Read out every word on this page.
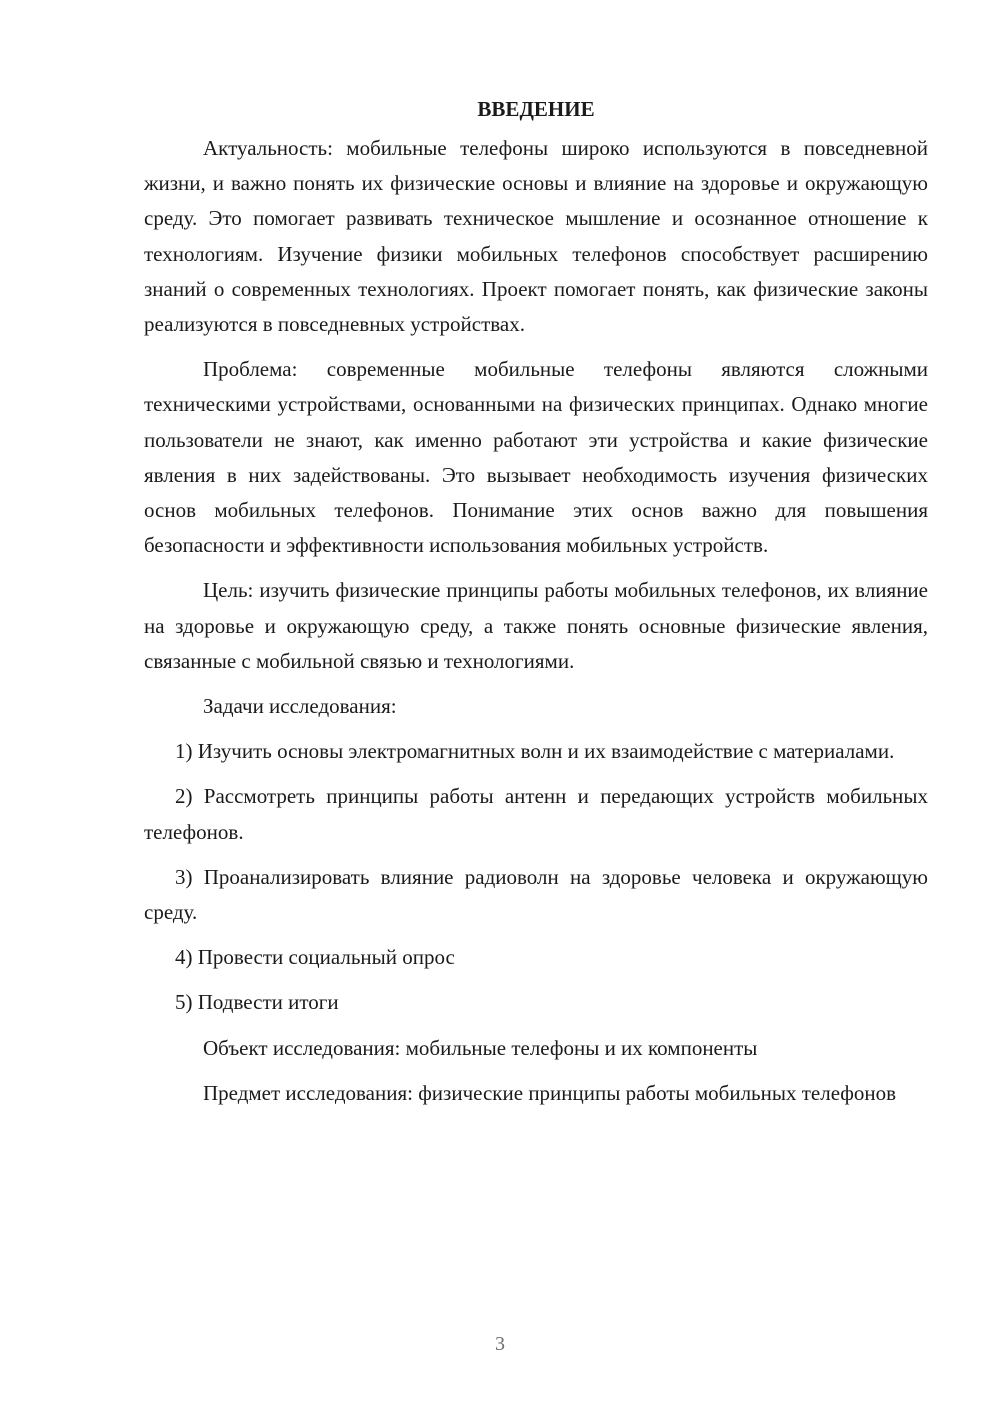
ВВЕДЕНИЕ

Актуальность: мобильные телефоны широко используются в повседневной жизни, и важно понять их физические основы и влияние на здоровье и окружающую среду. Это помогает развивать техническое мышление и осознанное отношение к технологиям. Изучение физики мобильных телефонов способствует расширению знаний о современных технологиях. Проект помогает понять, как физические законы реализуются в повседневных устройствах.

Проблема: современные мобильные телефоны являются сложными техническими устройствами, основанными на физических принципах. Однако многие пользователи не знают, как именно работают эти устройства и какие физические явления в них задействованы. Это вызывает необходимость изучения физических основ мобильных телефонов. Понимание этих основ важно для повышения безопасности и эффективности использования мобильных устройств.

Цель: изучить физические принципы работы мобильных телефонов, их влияние на здоровье и окружающую среду, а также понять основные физические явления, связанные с мобильной связью и технологиями.

Задачи исследования:

1) Изучить основы электромагнитных волн и их взаимодействие с материалами.

2) Рассмотреть принципы работы антенн и передающих устройств мобильных телефонов.

3) Проанализировать влияние радиоволн на здоровье человека и окружающую среду.

4) Провести социальный опрос

5) Подвести итоги

Объект исследования: мобильные телефоны и их компоненты

Предмет исследования: физические принципы работы мобильных телефонов

3
